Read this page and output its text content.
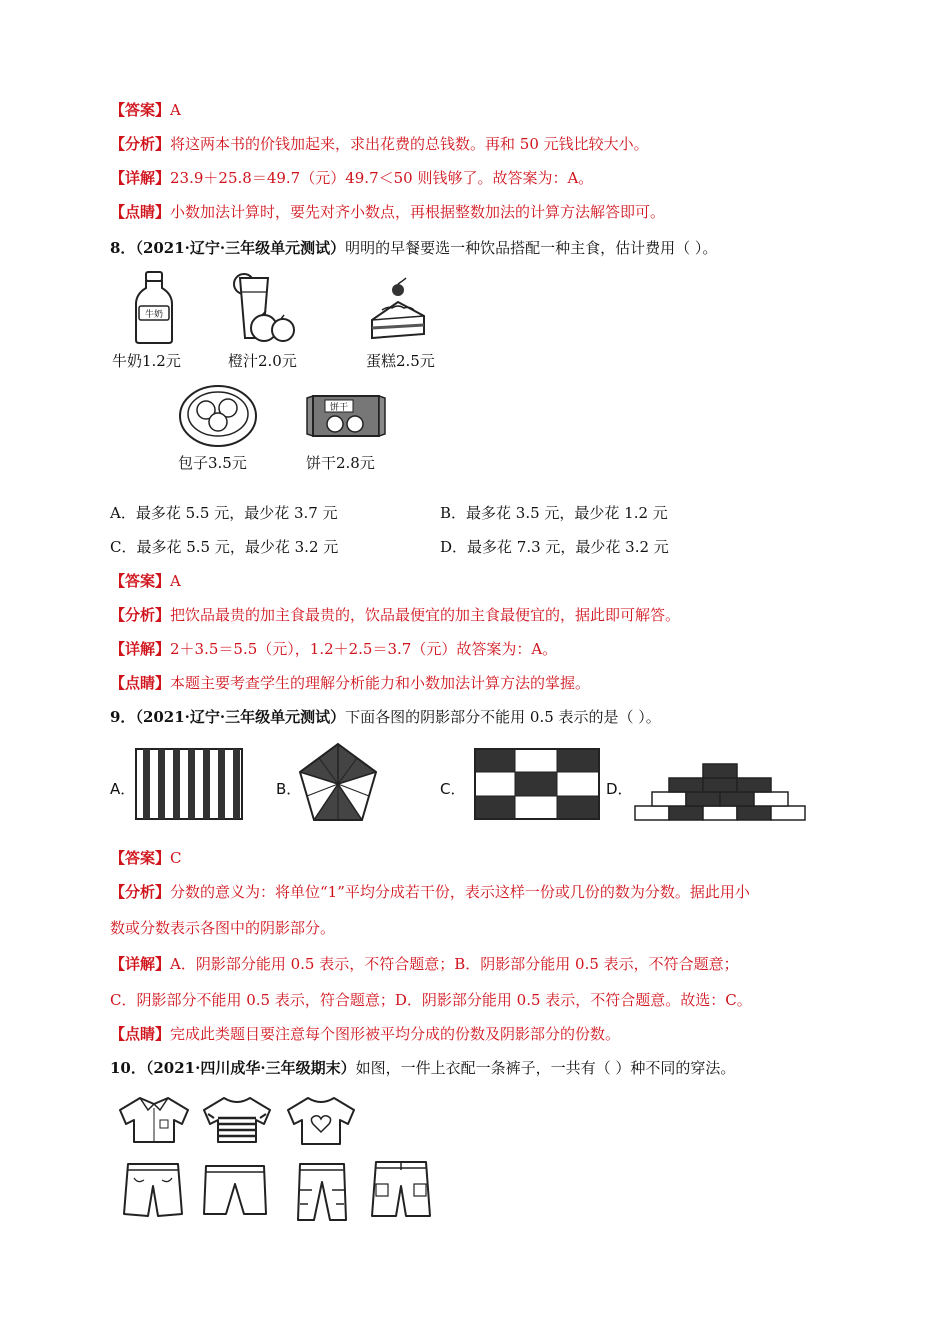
【答案】A
【分析】将这两本书的价钱加起来，求出花费的总钱数。再和 50 元钱比较大小。
【详解】23.9＋25.8＝49.7（元）49.7＜50 则钱够了。故答案为：A。
【点睛】小数加法计算时，要先对齐小数点，再根据整数加法的计算方法解答即可。
8．（2021·辽宁·三年级单元测试）明明的早餐要选一种饮品搭配一种主食，估计费用（ ）。
牛奶
牛奶1.2元	橙汁2.0元	蛋糕2.5元
包子3.5元
饼干
饼干2.8元
A．最多花 5.5 元，最少花 3.7 元	B．最多花 3.5 元，最少花 1.2 元
C．最多花 5.5 元，最少花 3.2 元	D．最多花 7.3 元，最少花 3.2 元
【答案】A
【分析】把饮品最贵的加主食最贵的，饮品最便宜的加主食最便宜的，据此即可解答。
【详解】2＋3.5＝5.5（元），1.2＋2.5＝3.7（元）故答案为：A。
【点睛】本题主要考查学生的理解分析能力和小数加法计算方法的掌握。
9．（2021·辽宁·三年级单元测试）下面各图的阴影部分不能用 0.5 表示的是（ ）。
A．	B．	C．	D．
【答案】C
【分析】分数的意义为：将单位“1”平均分成若干份，表示这样一份或几份的数为分数。据此用小
数或分数表示各图中的阴影部分。
【详解】A．阴影部分能用 0.5 表示，不符合题意；B．阴影部分能用 0.5 表示，不符合题意；
C．阴影部分不能用 0.5 表示，符合题意；D．阴影部分能用 0.5 表示，不符合题意。故选：C。
【点睛】完成此类题目要注意每个图形被平均分成的份数及阴影部分的份数。
10．（2021·四川成华·三年级期末）如图，一件上衣配一条裤子，一共有（ ）种不同的穿法。
